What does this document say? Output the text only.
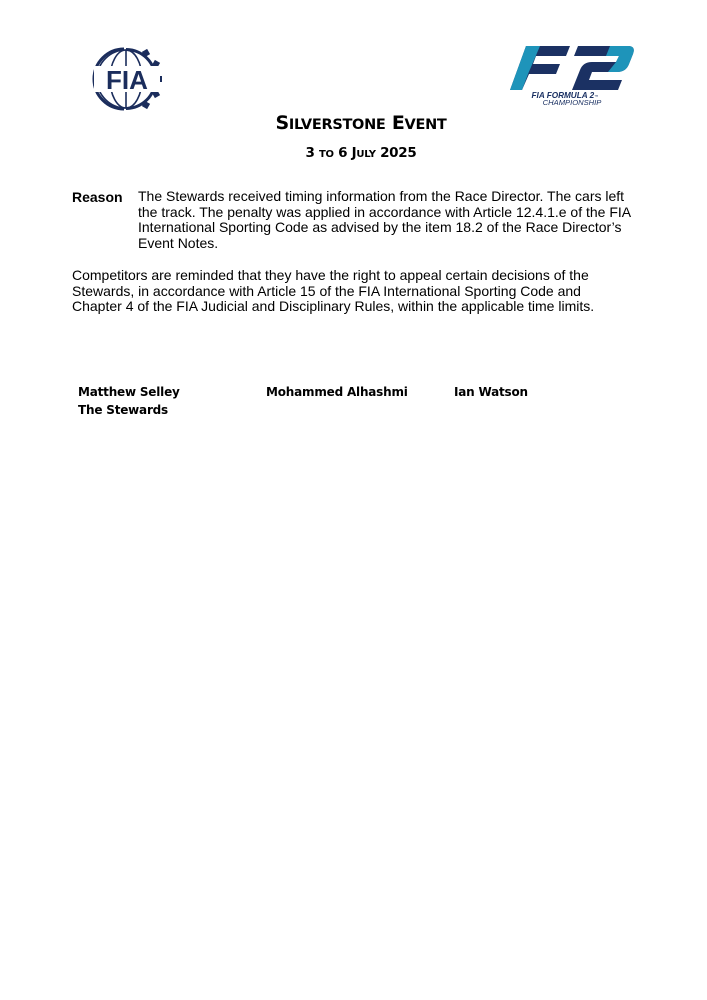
FIA
FIA FORMULA 2™ CHAMPIONSHIP
SILVERSTONE EVENT
3 TO 6 JULY 2025
Reason The Stewards received timing information from the Race Director. The cars left the track. The penalty was applied in accordance with Article 12.4.1.e of the FIA International Sporting Code as advised by the item 18.2 of the Race Director’s Event Notes.
Competitors are reminded that they have the right to appeal certain decisions of the Stewards, in accordance with Article 15 of the FIA International Sporting Code and Chapter 4 of the FIA Judicial and Disciplinary Rules, within the applicable time limits.
Matthew Selley	Mohammed Alhashmi	Ian Watson
The Stewards
